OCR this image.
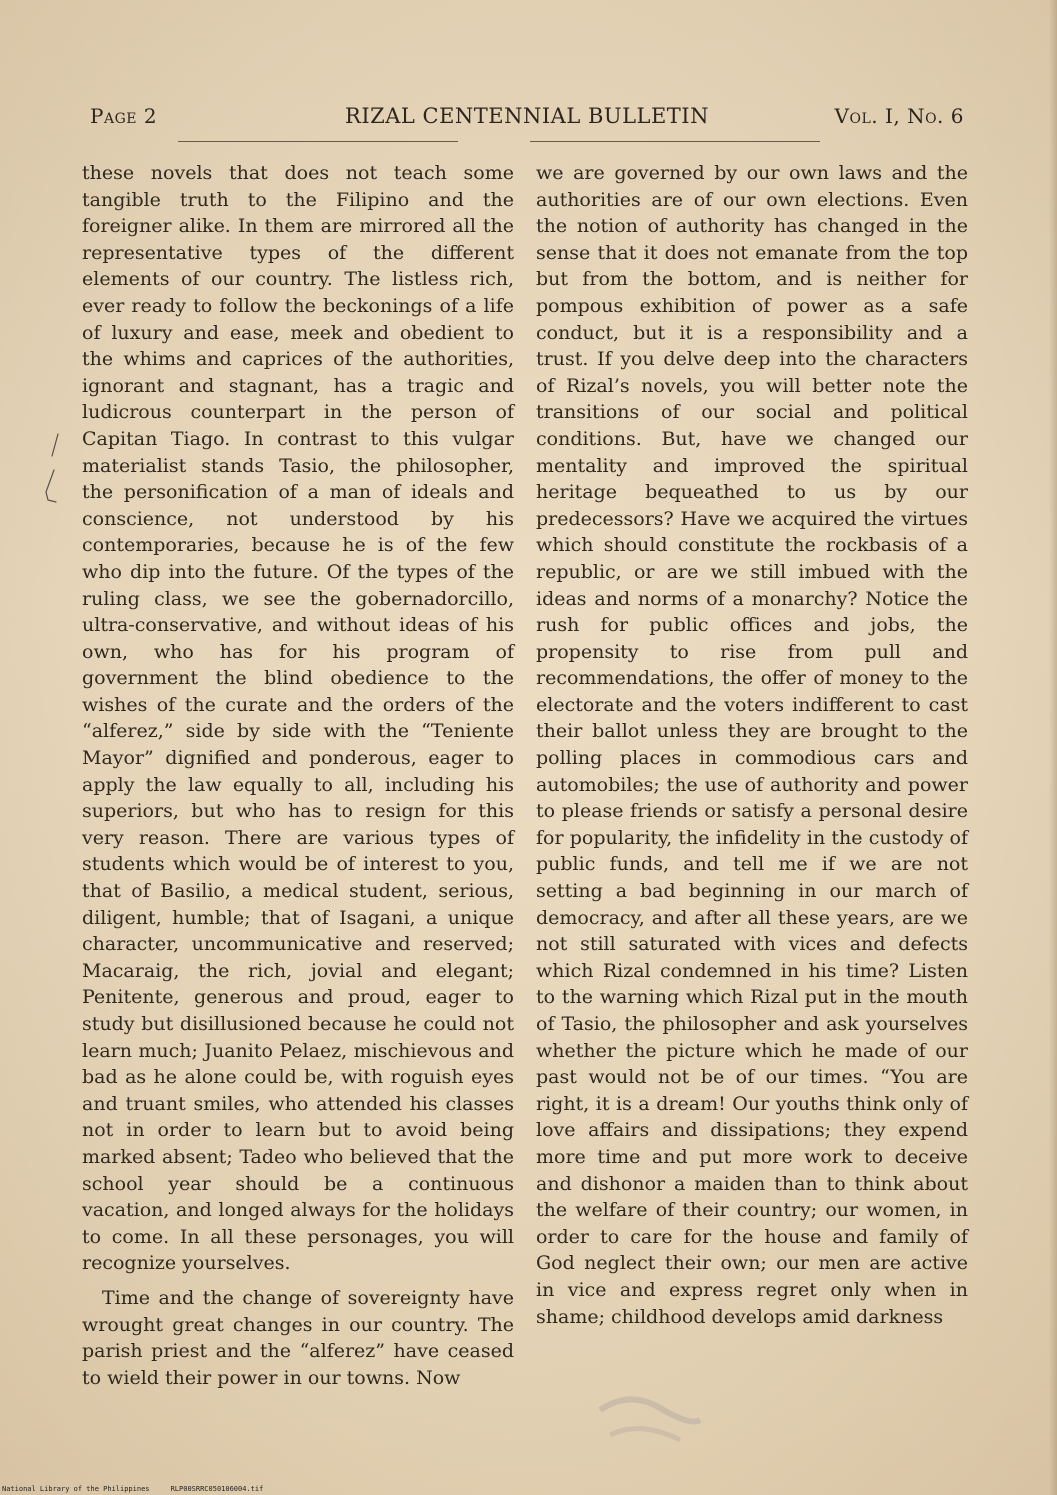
Page 2	RIZAL CENTENNIAL BULLETIN	Vol. I, No. 6

these novels that does not teach some tangible truth to the Filipino and the foreigner alike. In them are mirrored all the representative types of the different elements of our country. The listless rich, ever ready to follow the beckonings of a life of luxury and ease, meek and obedient to the whims and caprices of the authorities, ignorant and stagnant, has a tragic and ludicrous counterpart in the person of Capitan Tiago. In contrast to this vulgar materialist stands Tasio, the philosopher, the personification of a man of ideals and conscience, not understood by his contemporaries, because he is of the few who dip into the future. Of the types of the ruling class, we see the gobernadorcillo, ultra-conservative, and without ideas of his own, who has for his program of government the blind obedience to the wishes of the curate and the orders of the “alferez,” side by side with the “Teniente Mayor” dignified and ponderous, eager to apply the law equally to all, including his superiors, but who has to resign for this very reason. There are various types of students which would be of interest to you, that of Basilio, a medical student, serious, diligent, humble; that of Isagani, a unique character, uncommunicative and reserved; Macaraig, the rich, jovial and elegant; Penitente, generous and proud, eager to study but disillusioned because he could not learn much; Juanito Pelaez, mischievous and bad as he alone could be, with roguish eyes and truant smiles, who attended his classes not in order to learn but to avoid being marked absent; Tadeo who believed that the school year should be a continuous vacation, and longed always for the holidays to come. In all these personages, you will recognize yourselves.

Time and the change of sovereignty have wrought great changes in our country. The parish priest and the “alferez” have ceased to wield their power in our towns. Now

we are governed by our own laws and the authorities are of our own elections. Even the notion of authority has changed in the sense that it does not emanate from the top but from the bottom, and is neither for pompous exhibition of power as a safe conduct, but it is a responsibility and a trust. If you delve deep into the characters of Rizal’s novels, you will better note the transitions of our social and political conditions. But, have we changed our mentality and improved the spiritual heritage bequeathed to us by our predecessors? Have we acquired the virtues which should constitute the rockbasis of a republic, or are we still imbued with the ideas and norms of a monarchy? Notice the rush for public offices and jobs, the propensity to rise from pull and recommendations, the offer of money to the electorate and the voters indifferent to cast their ballot unless they are brought to the polling places in commodious cars and automobiles; the use of authority and power to please friends or satisfy a personal desire for popularity, the infidelity in the custody of public funds, and tell me if we are not setting a bad beginning in our march of democracy, and after all these years, are we not still saturated with vices and defects which Rizal condemned in his time? Listen to the warning which Rizal put in the mouth of Tasio, the philosopher and ask yourselves whether the picture which he made of our past would not be of our times. “You are right, it is a dream! Our youths think only of love affairs and dissipations; they expend more time and put more work to deceive and dishonor a maiden than to think about the welfare of their country; our women, in order to care for the house and family of God neglect their own; our men are active in vice and express regret only when in shame; childhood develops amid darkness

National Library of the Philippines	RLP00SRRC050106004.tif
